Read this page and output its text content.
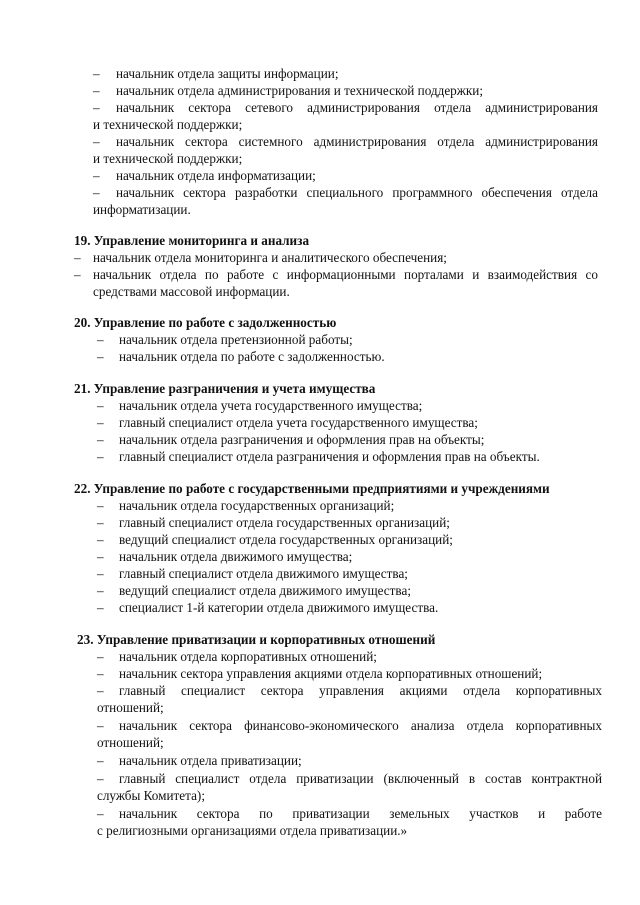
– начальник отдела защиты информации;
– начальник отдела администрирования и технической поддержки;
– начальник сектора сетевого администрирования отдела администрирования
и технической поддержки;
– начальник сектора системного администрирования отдела администрирования
и технической поддержки;
– начальник отдела информатизации;
– начальник сектора разработки специального программного обеспечения отдела
информатизации.
19. Управление мониторинга и анализа
– начальник отдела мониторинга и аналитического обеспечения;
– начальник отдела по работе с информационными порталами и взаимодействия со
средствами массовой информации.
20. Управление по работе с задолженностью
– начальник отдела претензионной работы;
– начальник отдела по работе с задолженностью.
21. Управление разграничения и учета имущества
– начальник отдела учета государственного имущества;
– главный специалист отдела учета государственного имущества;
– начальник отдела разграничения и оформления прав на объекты;
– главный специалист отдела разграничения и оформления прав на объекты.
22. Управление по работе с государственными предприятиями и учреждениями
– начальник отдела государственных организаций;
– главный специалист отдела государственных организаций;
– ведущий специалист отдела государственных организаций;
– начальник отдела движимого имущества;
– главный специалист отдела движимого имущества;
– ведущий специалист отдела движимого имущества;
– специалист 1-й категории отдела движимого имущества.
23. Управление приватизации и корпоративных отношений
– начальник отдела корпоративных отношений;
– начальник сектора управления акциями отдела корпоративных отношений;
– главный специалист сектора управления акциями отдела корпоративных
отношений;
– начальник сектора финансово-экономического анализа отдела корпоративных
отношений;
– начальник отдела приватизации;
– главный специалист отдела приватизации (включенный в состав контрактной
службы Комитета);
– начальник сектора по приватизации земельных участков и работе
с религиозными организациями отдела приватизации.»
